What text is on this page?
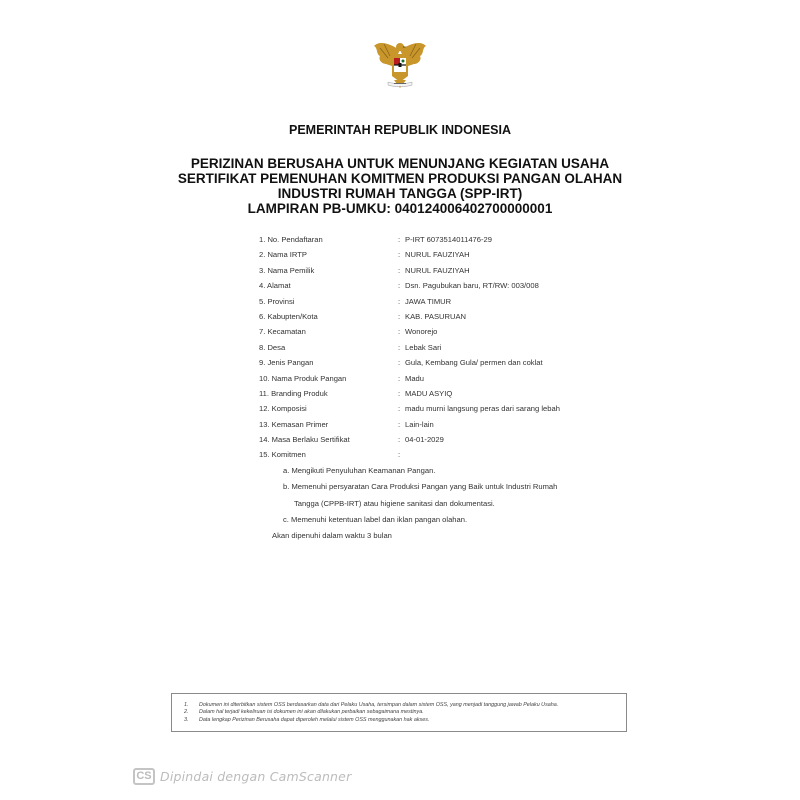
PEMERINTAH REPUBLIK INDONESIA
PERIZINAN BERUSAHA UNTUK MENUNJANG KEGIATAN USAHA
SERTIFIKAT PEMENUHAN KOMITMEN PRODUKSI PANGAN OLAHAN
INDUSTRI RUMAH TANGGA (SPP-IRT)
LAMPIRAN PB-UMKU: 040124006402700000001
1. No. Pendaftaran	: P-IRT 6073514011476-29
2. Nama IRTP	: NURUL FAUZIYAH
3. Nama Pemilik	: NURUL FAUZIYAH
4. Alamat	: Dsn. Pagubukan baru, RT/RW: 003/008
5. Provinsi	: JAWA TIMUR
6. Kabupten/Kota	: KAB. PASURUAN
7. Kecamatan	: Wonorejo
8. Desa	: Lebak Sari
9. Jenis Pangan	: Gula, Kembang Gula/ permen dan coklat
10. Nama Produk Pangan	: Madu
11. Branding Produk	: MADU ASYIQ
12. Komposisi	: madu murni langsung peras dari sarang lebah
13. Kemasan Primer	: Lain-lain
14. Masa Berlaku Sertifikat	: 04-01-2029
15. Komitmen	:
a. Mengikuti Penyuluhan Keamanan Pangan.
b. Memenuhi persyaratan Cara Produksi Pangan yang Baik untuk Industri Rumah
Tangga (CPPB-IRT) atau higiene sanitasi dan dokumentasi.
c. Memenuhi ketentuan label dan iklan pangan olahan.
Akan dipenuhi dalam waktu 3 bulan
1. Dokumen ini diterbitkan sistem OSS berdasarkan data dari Pelaku Usaha, tersimpan dalam sistem OSS, yang menjadi tanggung jawab Pelaku Usaha.
2. Dalam hal terjadi kekeliruan isi dokumen ini akan dilakukan perbaikan sebagaimana mestinya.
3. Data lengkap Perizinan Berusaha dapat diperoleh melalui sistem OSS menggunakan hak akses.
CS Dipindai dengan CamScanner
